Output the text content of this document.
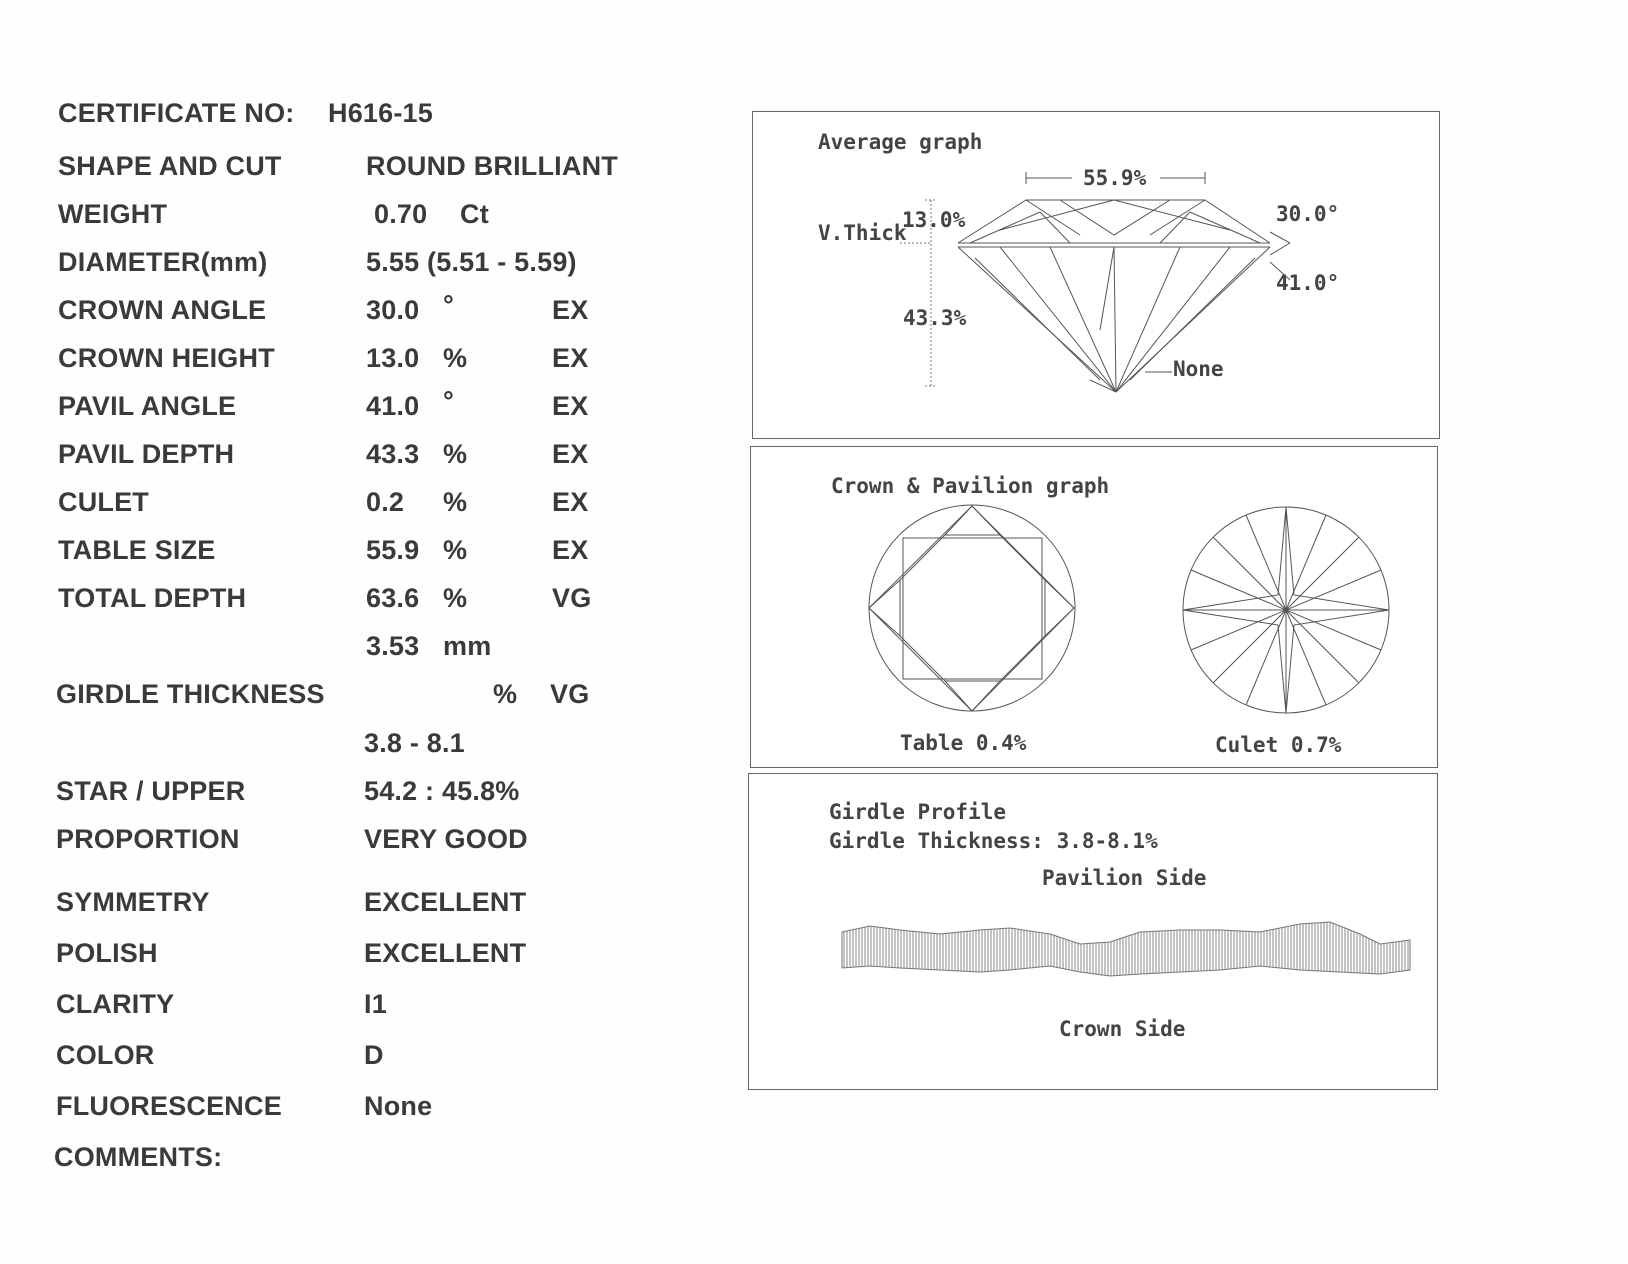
CERTIFICATE NO: H616-15
SHAPE AND CUT	ROUND BRILLIANT
WEIGHT	0.70 Ct
DIAMETER(mm)	5.55 (5.51 - 5.59)
CROWN ANGLE	30.0 °	EX
CROWN HEIGHT	13.0 %	EX
PAVIL ANGLE	41.0 °	EX
PAVIL DEPTH	43.3 %	EX
CULET	0.2 %	EX
TABLE SIZE	55.9 %	EX
TOTAL DEPTH	63.6 %	VG
3.53 mm
GIRDLE THICKNESS	% VG
3.8 - 8.1
STAR / UPPER	54.2 : 45.8%
PROPORTION	VERY GOOD
SYMMETRY	EXCELLENT
POLISH	EXCELLENT
CLARITY	I1
COLOR	D
FLUORESCENCE	None
COMMENTS:
Average graph
55.9%
V.Thick
13.0%	30.0°
41.0°
43.3%
None
Crown & Pavilion graph
Table 0.4%	Culet 0.7%
Girdle Profile
Girdle Thickness: 3.8-8.1%
Pavilion Side
Crown Side
